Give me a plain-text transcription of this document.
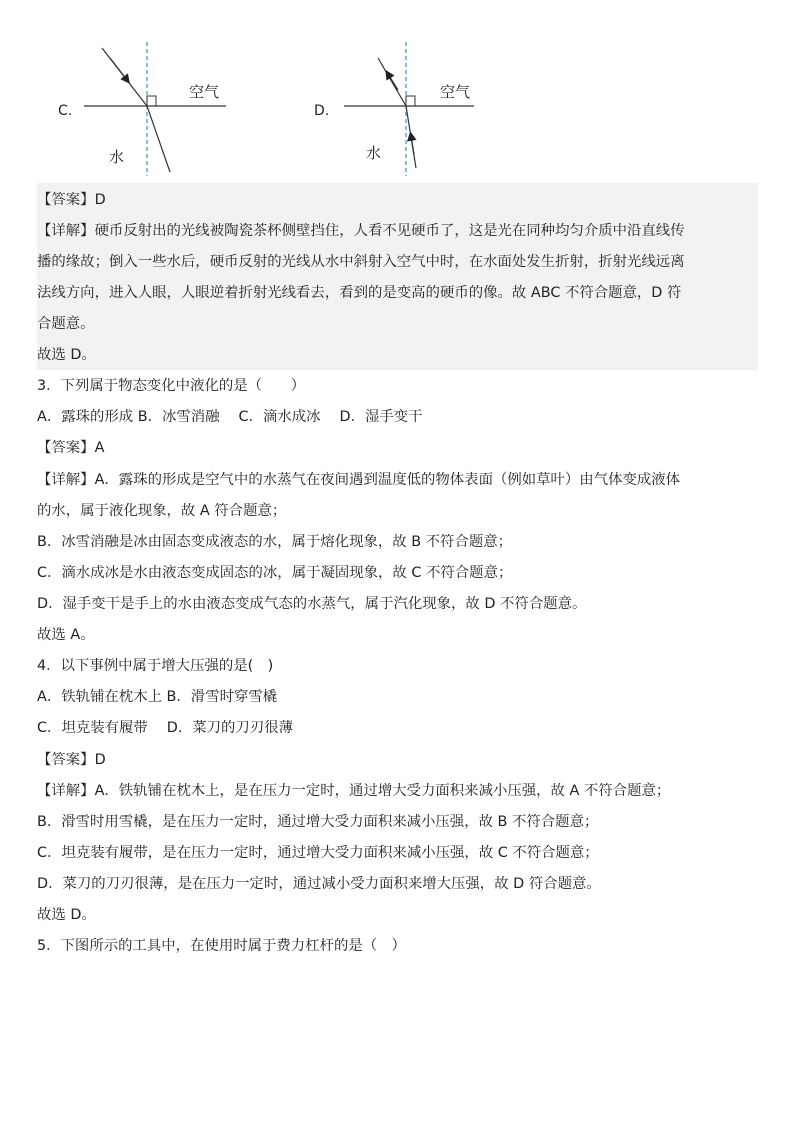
C.
空气
水
D.
空气
水
【答案】D
【详解】硬币反射出的光线被陶瓷茶杯侧壁挡住，人看不见硬币了，这是光在同种均匀介质中沿直线传
播的缘故；倒入一些水后，硬币反射的光线从水中斜射入空气中时，在水面处发生折射，折射光线远离
法线方向，进入人眼，人眼逆着折射光线看去，看到的是变高的硬币的像。故 ABC 不符合题意，D 符
合题意。
故选 D。
3．下列属于物态变化中液化的是（　　）
A．露珠的形成 B．冰雪消融　 C．滴水成冰　 D．湿手变干
【答案】A
【详解】A．露珠的形成是空气中的水蒸气在夜间遇到温度低的物体表面（例如草叶）由气体变成液体
的水，属于液化现象，故 A 符合题意；
B．冰雪消融是冰由固态变成液态的水，属于熔化现象，故 B 不符合题意；
C．滴水成冰是水由液态变成固态的冰，属于凝固现象，故 C 不符合题意；
D．湿手变干是手上的水由液态变成气态的水蒸气，属于汽化现象，故 D 不符合题意。
故选 A。
4．以下事例中属于增大压强的是(　)
A．铁轨铺在枕木上 B．滑雪时穿雪橇
C．坦克装有履带　 D．菜刀的刀刃很薄
【答案】D
【详解】A．铁轨铺在枕木上，是在压力一定时，通过增大受力面积来减小压强，故 A 不符合题意；
B．滑雪时用雪橇，是在压力一定时，通过增大受力面积来减小压强，故 B 不符合题意；
C．坦克装有履带，是在压力一定时，通过增大受力面积来减小压强，故 C 不符合题意；
D．菜刀的刀刃很薄，是在压力一定时，通过减小受力面积来增大压强，故 D 符合题意。
故选 D。
5．下图所示的工具中，在使用时属于费力杠杆的是（　）
